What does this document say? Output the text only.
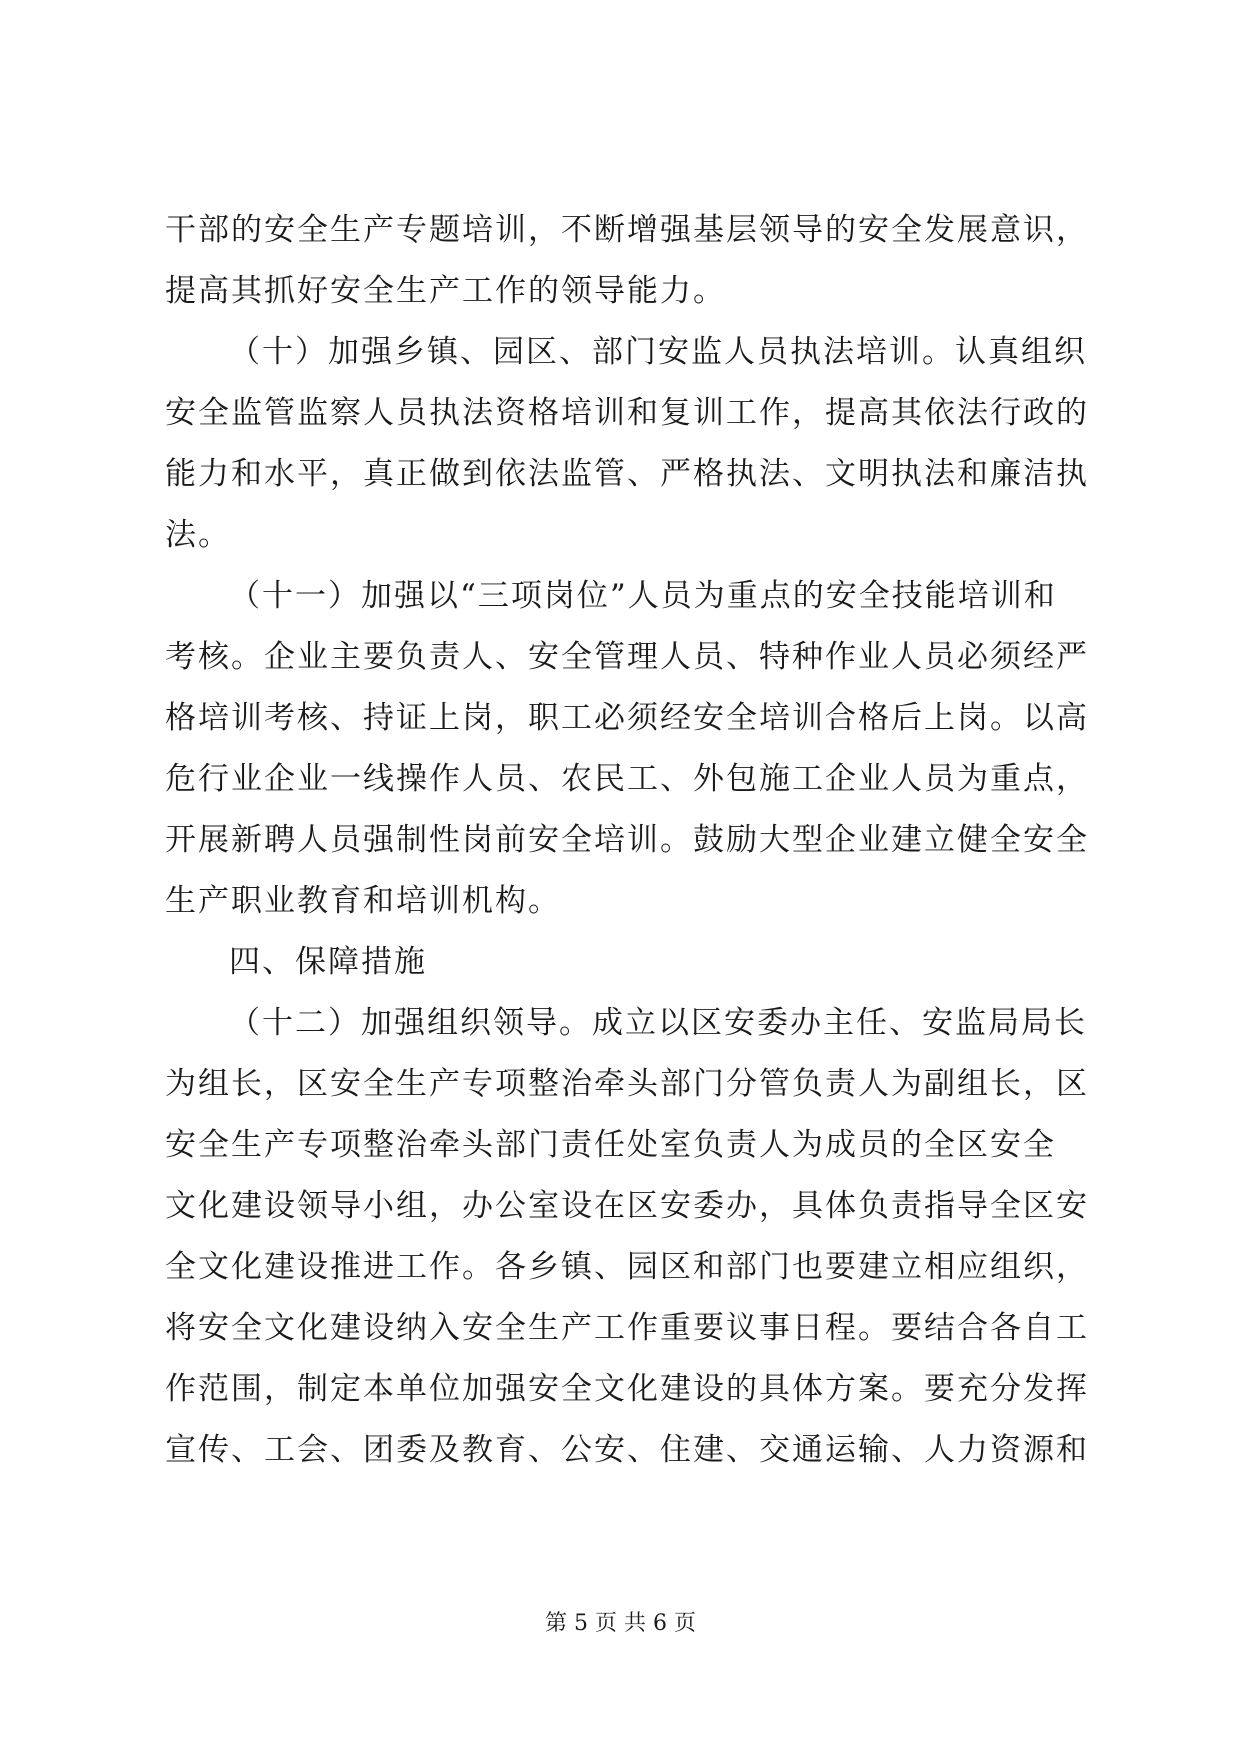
干部的安全生产专题培训，不断增强基层领导的安全发展意识，
提高其抓好安全生产工作的领导能力。
（十）加强乡镇、园区、部门安监人员执法培训。认真组织
安全监管监察人员执法资格培训和复训工作，提高其依法行政的
能力和水平，真正做到依法监管、严格执法、文明执法和廉洁执
法。
（十一）加强以“三项岗位”人员为重点的安全技能培训和
考核。企业主要负责人、安全管理人员、特种作业人员必须经严
格培训考核、持证上岗，职工必须经安全培训合格后上岗。以高
危行业企业一线操作人员、农民工、外包施工企业人员为重点，
开展新聘人员强制性岗前安全培训。鼓励大型企业建立健全安全
生产职业教育和培训机构。
四、保障措施
（十二）加强组织领导。成立以区安委办主任、安监局局长
为组长，区安全生产专项整治牵头部门分管负责人为副组长，区
安全生产专项整治牵头部门责任处室负责人为成员的全区安全
文化建设领导小组，办公室设在区安委办，具体负责指导全区安
全文化建设推进工作。各乡镇、园区和部门也要建立相应组织，
将安全文化建设纳入安全生产工作重要议事日程。要结合各自工
作范围，制定本单位加强安全文化建设的具体方案。要充分发挥
宣传、工会、团委及教育、公安、住建、交通运输、人力资源和
第 5 页 共 6 页
